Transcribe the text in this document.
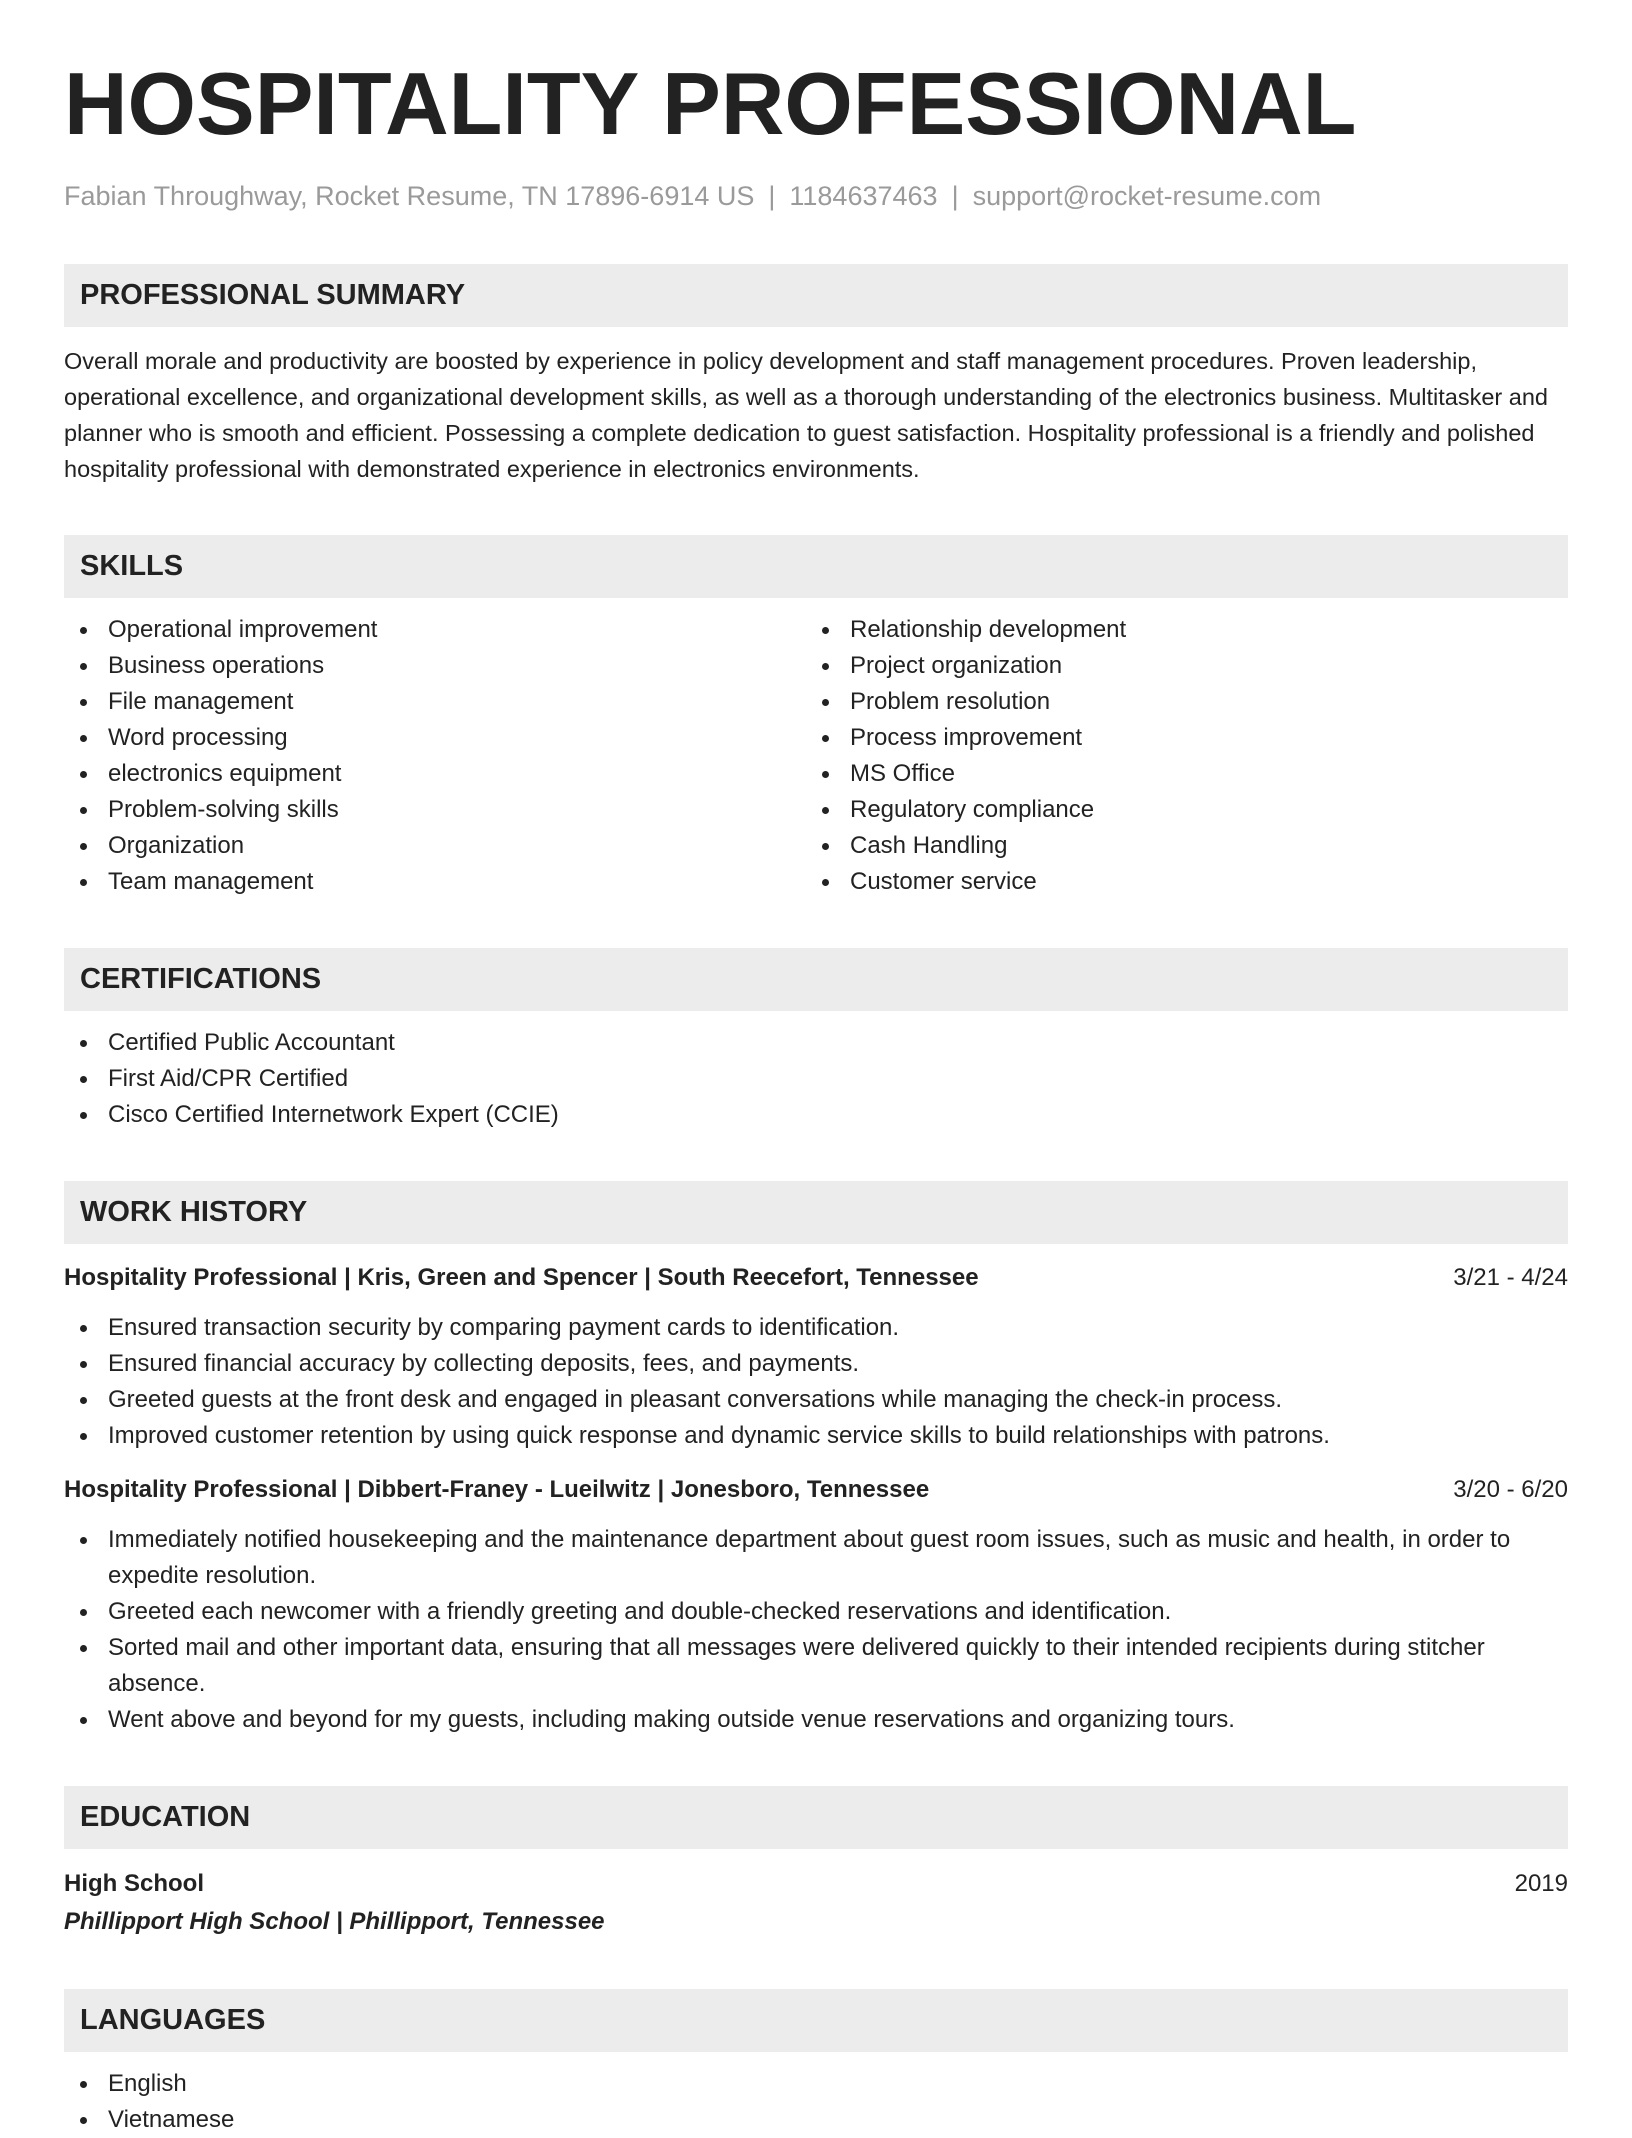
HOSPITALITY PROFESSIONAL
Fabian Throughway, Rocket Resume, TN 17896-6914 US | 1184637463 | support@rocket-resume.com
PROFESSIONAL SUMMARY
Overall morale and productivity are boosted by experience in policy development and staff management procedures. Proven leadership, operational excellence, and organizational development skills, as well as a thorough understanding of the electronics business. Multitasker and planner who is smooth and efficient. Possessing a complete dedication to guest satisfaction. Hospitality professional is a friendly and polished hospitality professional with demonstrated experience in electronics environments.
SKILLS
Operational improvement
Business operations
File management
Word processing
electronics equipment
Problem-solving skills
Organization
Team management
Relationship development
Project organization
Problem resolution
Process improvement
MS Office
Regulatory compliance
Cash Handling
Customer service
CERTIFICATIONS
Certified Public Accountant
First Aid/CPR Certified
Cisco Certified Internetwork Expert (CCIE)
WORK HISTORY
Hospitality Professional | Kris, Green and Spencer | South Reecefort, Tennessee	3/21 - 4/24
Ensured transaction security by comparing payment cards to identification.
Ensured financial accuracy by collecting deposits, fees, and payments.
Greeted guests at the front desk and engaged in pleasant conversations while managing the check-in process.
Improved customer retention by using quick response and dynamic service skills to build relationships with patrons.
Hospitality Professional | Dibbert-Franey - Lueilwitz | Jonesboro, Tennessee	3/20 - 6/20
Immediately notified housekeeping and the maintenance department about guest room issues, such as music and health, in order to expedite resolution.
Greeted each newcomer with a friendly greeting and double-checked reservations and identification.
Sorted mail and other important data, ensuring that all messages were delivered quickly to their intended recipients during stitcher absence.
Went above and beyond for my guests, including making outside venue reservations and organizing tours.
EDUCATION
High School	2019
Phillipport High School | Phillipport, Tennessee
LANGUAGES
English
Vietnamese
